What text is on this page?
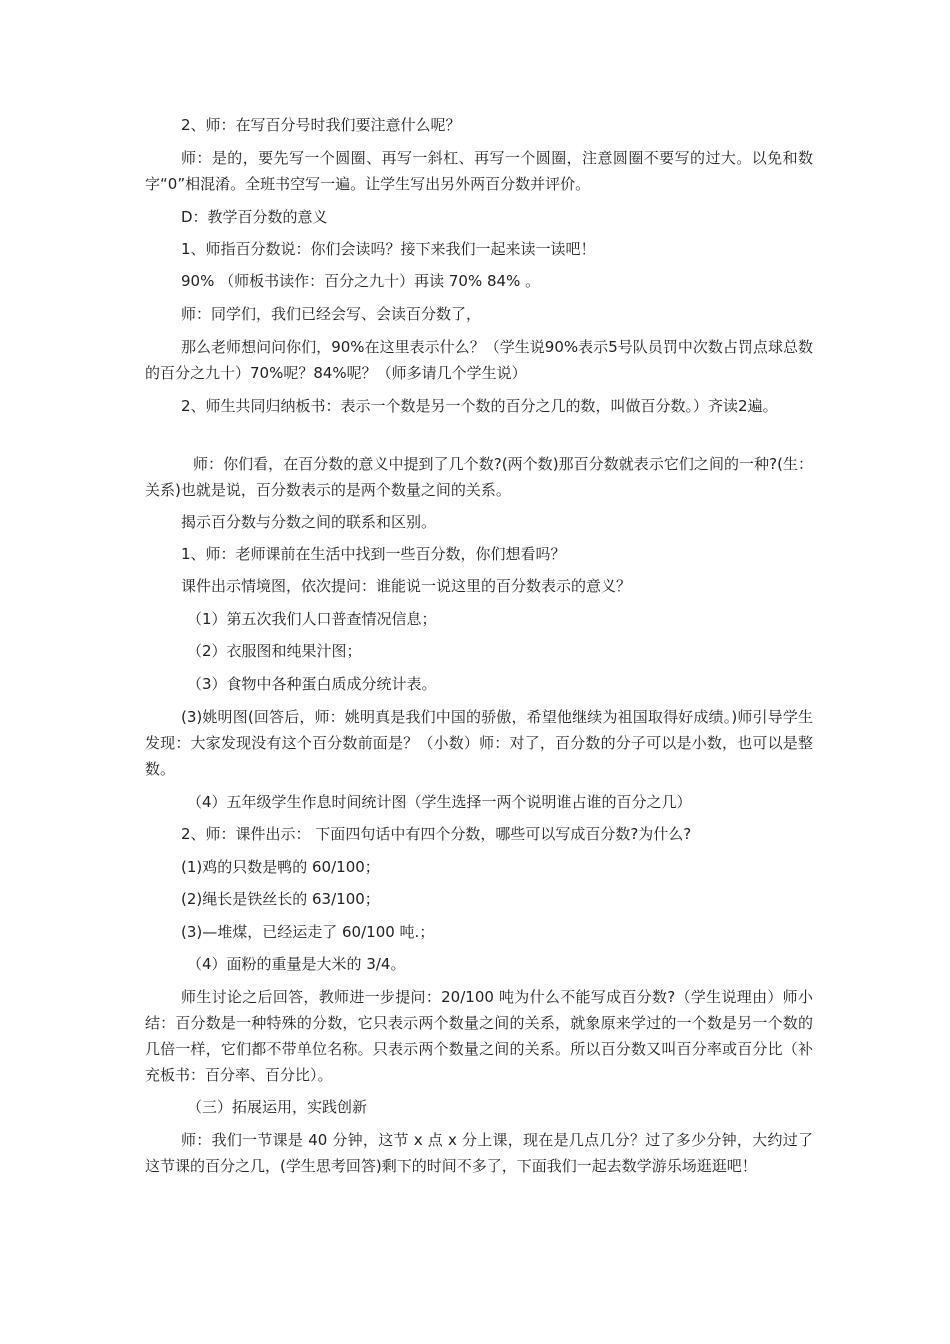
2、师：在写百分号时我们要注意什么呢？

师：是的，要先写一个圆圈、再写一斜杠、再写一个圆圈，注意圆圈不要写的过大。以免和数字“0”相混淆。全班书空写一遍。让学生写出另外两百分数并评价。

D：教学百分数的意义

1、师指百分数说：你们会读吗？接下来我们一起来读一读吧！

90% （师板书读作：百分之九十）再读 70% 84% 。

师：同学们，我们已经会写、会读百分数了，

那么老师想问问你们，90%在这里表示什么？（学生说90%表示5号队员罚中次数占罚点球总数的百分之九十）70%呢？84%呢？（师多请几个学生说）

2、师生共同归纳板书：表示一个数是另一个数的百分之几的数，叫做百分数。）齐读2遍。

师：你们看，在百分数的意义中提到了几个数?(两个数)那百分数就表示它们之间的一种?(生：关系)也就是说，百分数表示的是两个数量之间的关系。

揭示百分数与分数之间的联系和区别。

1、师：老师课前在生活中找到一些百分数，你们想看吗？

课件出示情境图，依次提问：谁能说一说这里的百分数表示的意义？

（1）第五次我们人口普查情况信息；

（2）衣服图和纯果汁图；

（3）食物中各种蛋白质成分统计表。

(3)姚明图(回答后，师：姚明真是我们中国的骄傲，希望他继续为祖国取得好成绩。)师引导学生发现：大家发现没有这个百分数前面是？（小数）师：对了，百分数的分子可以是小数，也可以是整数。

（4）五年级学生作息时间统计图（学生选择一两个说明谁占谁的百分之几）

2、师：课件出示： 下面四句话中有四个分数，哪些可以写成百分数?为什么?

(1)鸡的只数是鸭的 60/100；

(2)绳长是铁丝长的 63/100；

(3)—堆煤，已经运走了 60/100 吨.；

（4）面粉的重量是大米的 3/4。

师生讨论之后回答，教师进一步提问：20/100 吨为什么不能写成百分数?（学生说理由）师小结：百分数是一种特殊的分数，它只表示两个数量之间的关系，就象原来学过的一个数是另一个数的几倍一样，它们都不带单位名称。只表示两个数量之间的关系。所以百分数又叫百分率或百分比（补充板书：百分率、百分比）。

（三）拓展运用，实践创新

师：我们一节课是 40 分钟，这节 x 点 x 分上课，现在是几点几分？过了多少分钟，大约过了这节课的百分之几，(学生思考回答)剩下的时间不多了，下面我们一起去数学游乐场逛逛吧！
